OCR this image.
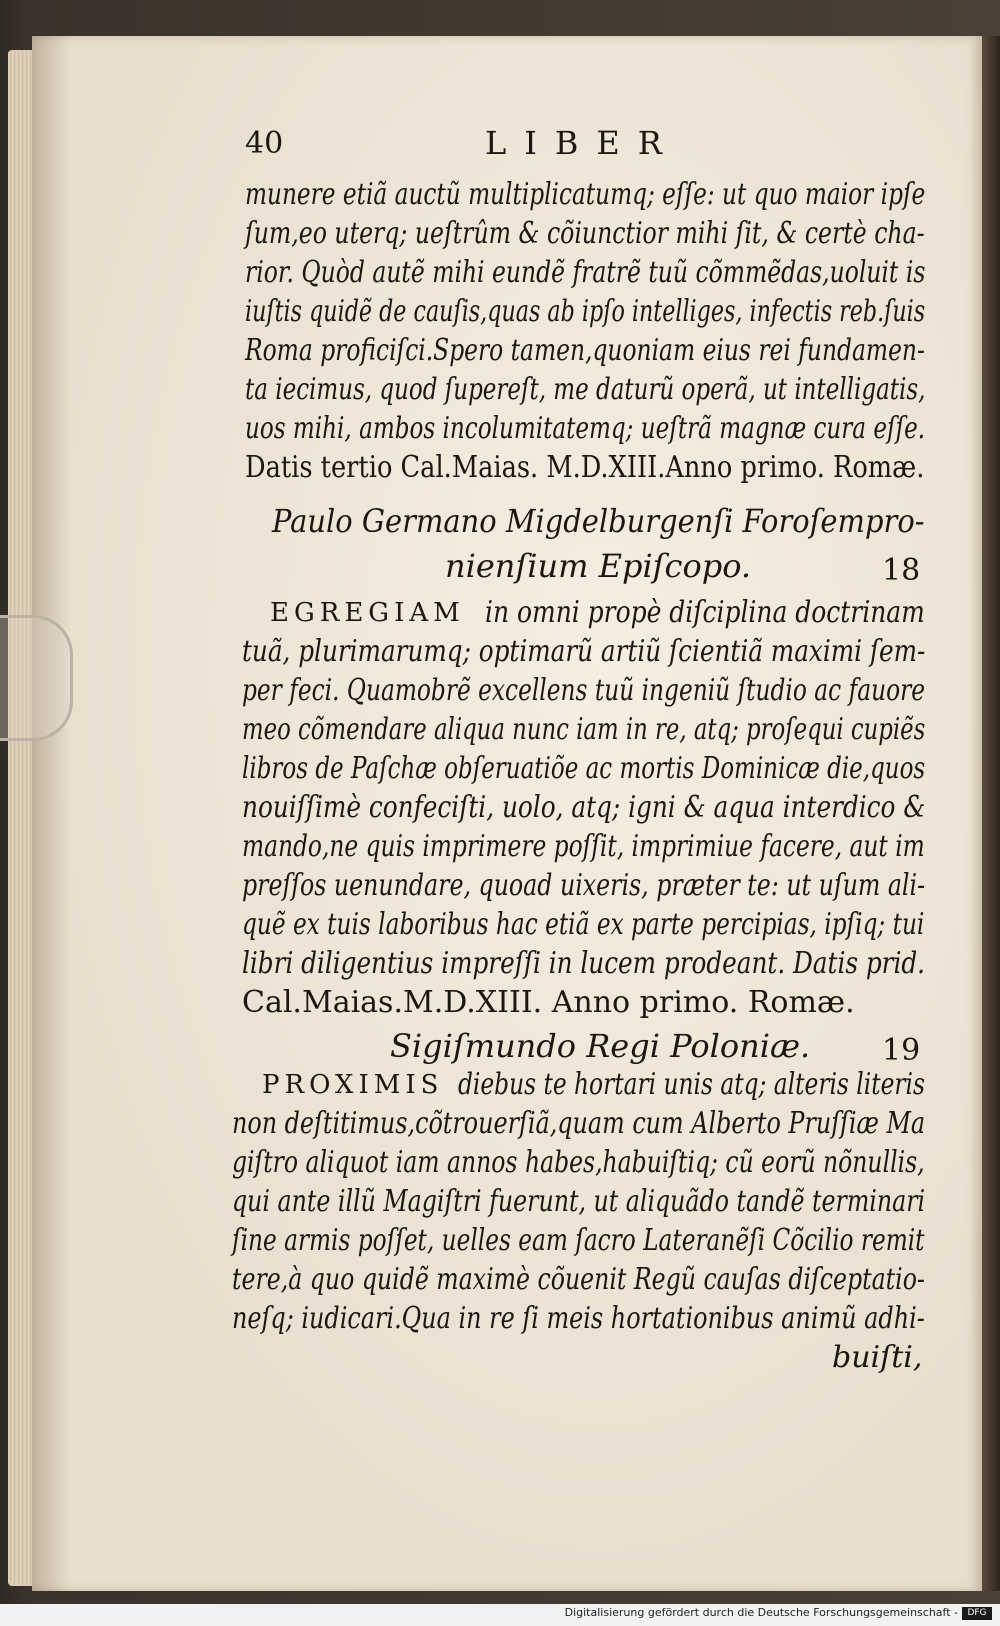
40	LIBER
munere etiã auctũ multiplicatumq; eſſe: ut quo maior ipſe
ſum,eo uterq; ueſtrûm & cõiunctior mihi ſit, & certè cha-
rior. Quòd autẽ mihi eundẽ fratrẽ tuũ cõmmẽdas,uoluit is
iuſtis quidẽ de cauſis,quas ab ipſo intelliges, infectis reb.ſuis
Roma proficiſci.Spero tamen,quoniam eius rei fundamen-
ta iecimus, quod ſupereſt, me daturũ operã, ut intelligatis,
uos mihi, ambos incolumitatemq; ueſtrã magnæ cura eſſe.
Datis tertio Cal.Maias. M.D.XIII.Anno primo. Romæ.
Paulo Germano Migdelburgenſi Foroſempro-
nienſium Epiſcopo.	18
EGREGIAM in omni propè diſciplina doctrinam
tuã, plurimarumq; optimarũ artiũ ſcientiã maximi ſem-
per feci. Quamobrẽ excellens tuũ ingeniũ ſtudio ac fauore
meo cõmendare aliqua nunc iam in re, atq; proſequi cupiẽs
libros de Paſchæ obſeruatiõe ac mortis Dominicæ die,quos
nouiſſimè confeciſti, uolo, atq; igni & aqua interdico &
mando,ne quis imprimere poſſit, imprimiue facere, aut im
preſſos uenundare, quoad uixeris, præter te: ut uſum ali-
quẽ ex tuis laboribus hac etiã ex parte percipias, ipſiq; tui
libri diligentius impreſſi in lucem prodeant. Datis prid.
Cal.Maias.M.D.XIII. Anno primo. Romæ.
Sigiſmundo Regi Poloniæ. 19
PROXIMIS diebus te hortari unis atq; alteris literis
non deſtitimus,cõtrouerſiã,quam cum Alberto Pruſſiæ Ma
giſtro aliquot iam annos habes,habuiſtiq; cũ eorũ nõnullis,
qui ante illũ Magiſtri fuerunt, ut aliquãdo tandẽ terminari
ſine armis poſſet, uelles eam ſacro Lateranẽſi Cõcilio remit
tere,à quo quidẽ maximè cõuenit Regũ cauſas diſceptatio-
neſq; iudicari.Qua in re ſi meis hortationibus animũ adhi-
buiſti,
Digitalisierung gefördert durch die Deutsche Forschungsgemeinschaft -	DFG
